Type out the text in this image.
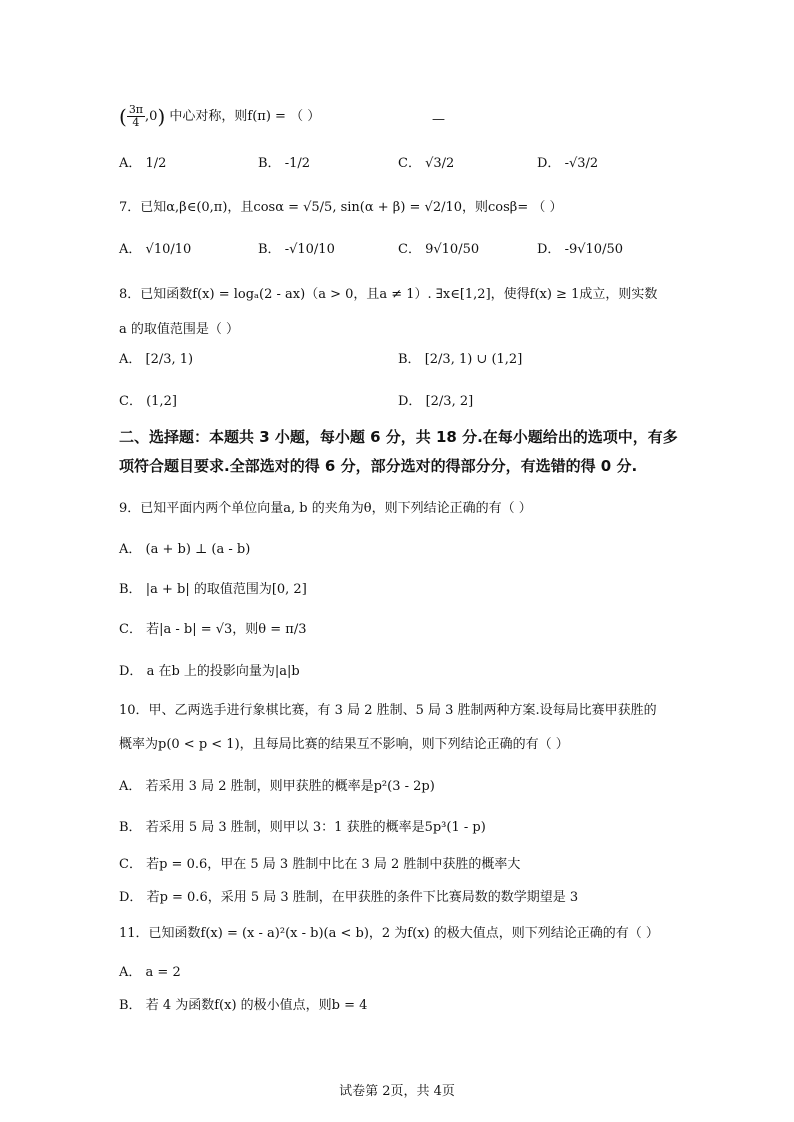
( $\frac{3\pi}{4} ,0$) 中心对称，则f(π) = （ ）	—
A． 1/2	B． -1/2	C． √3/2	D． -√3/2
7．已知α,β∈(0,π)，且cosα = √5/5, sin(α + β) = √2/10，则cosβ= （ ）
A． √10/10	B． -√10/10	C． 9√10/50	D． -9√10/50
8．已知函数f(x) = logₐ(2 - ax)（a > 0，且a ≠ 1）. ∃x∈[1,2]，使得f(x) ≥ 1成立，则实数
a 的取值范围是（ ）
A． [2/3, 1)	B． [2/3, 1) ∪ (1,2]
C． (1,2]	D． [2/3, 2]
二、选择题：本题共 3 小题，每小题 6 分，共 18 分.在每小题给出的选项中，有多项符合题目要求.全部选对的得 6 分，部分选对的得部分分，有选错的得 0 分.
9．已知平面内两个单位向量a, b 的夹角为θ，则下列结论正确的有（ ）
A． (a + b) ⊥ (a - b)
B． |a + b| 的取值范围为[0, 2]
C． 若|a - b| = √3，则θ = π/3
D． a 在b 上的投影向量为|a|b
10．甲、乙两选手进行象棋比赛，有 3 局 2 胜制、5 局 3 胜制两种方案.设每局比赛甲获胜的
概率为p(0 < p < 1)，且每局比赛的结果互不影响，则下列结论正确的有（ ）
A． 若采用 3 局 2 胜制，则甲获胜的概率是p²(3 - 2p)
B． 若采用 5 局 3 胜制，则甲以 3：1 获胜的概率是5p³(1 - p)
C． 若p = 0.6，甲在 5 局 3 胜制中比在 3 局 2 胜制中获胜的概率大
D． 若p = 0.6，采用 5 局 3 胜制，在甲获胜的条件下比赛局数的数学期望是 3
11．已知函数f(x) = (x - a)²(x - b)(a < b)，2 为f(x) 的极大值点，则下列结论正确的有（ ）
A． a = 2
B． 若 4 为函数f(x) 的极小值点，则b = 4
试卷第 2页，共 4页
